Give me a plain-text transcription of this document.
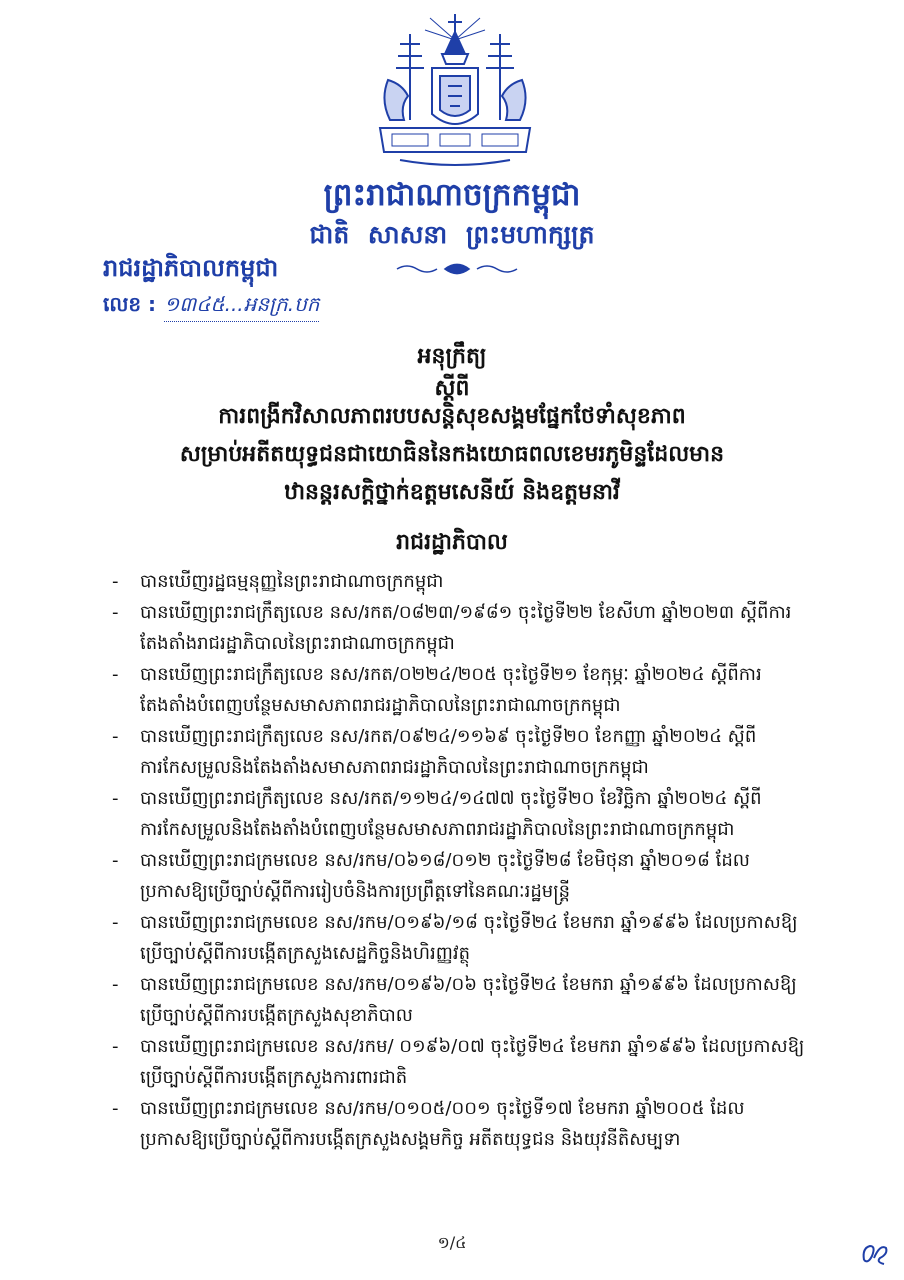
ព្រះរាជាណាចក្រកម្ពុជា
ជាតិ សាសនា ព្រះមហាក្សត្រ
រាជរដ្ឋាភិបាលកម្ពុជា
លេខ : ១៣៤៥...អនក្រ.បក
អនុក្រឹត្យ
ស្តីពី
ការពង្រីកវិសាលភាពរបបសន្តិសុខសង្គមផ្នែកថែទាំសុខភាព
សម្រាប់អតីតយុទ្ធជនជាយោធិននៃកងយោធពលខេមរភូមិន្ទដែលមាន
ឋានន្តរសក្តិថ្នាក់ឧត្តមសេនីយ៍ និងឧត្តមនាវី
រាជរដ្ឋាភិបាល
- បានឃើញរដ្ឋធម្មនុញ្ញនៃព្រះរាជាណាចក្រកម្ពុជា
- បានឃើញព្រះរាជក្រឹត្យលេខ នស/រកត/០៨២៣/១៩៨១ ចុះថ្ងៃទី២២ ខែសីហា ឆ្នាំ២០២៣ ស្តីពីការតែងតាំងរាជរដ្ឋាភិបាលនៃព្រះរាជាណាចក្រកម្ពុជា
- បានឃើញព្រះរាជក្រឹត្យលេខ នស/រកត/០២២៤/២០៥ ចុះថ្ងៃទី២១ ខែកុម្ភៈ ឆ្នាំ២០២៤ ស្តីពីការតែងតាំងបំពេញបន្ថែមសមាសភាពរាជរដ្ឋាភិបាលនៃព្រះរាជាណាចក្រកម្ពុជា
- បានឃើញព្រះរាជក្រឹត្យលេខ នស/រកត/០៩២៤/១១៦៩ ចុះថ្ងៃទី២០ ខែកញ្ញា ឆ្នាំ២០២៤ ស្តីពីការកែសម្រួលនិងតែងតាំងសមាសភាពរាជរដ្ឋាភិបាលនៃព្រះរាជាណាចក្រកម្ពុជា
- បានឃើញព្រះរាជក្រឹត្យលេខ នស/រកត/១១២៤/១៤៧៧ ចុះថ្ងៃទី២០ ខែវិច្ឆិកា ឆ្នាំ២០២៤ ស្តីពីការកែសម្រួលនិងតែងតាំងបំពេញបន្ថែមសមាសភាពរាជរដ្ឋាភិបាលនៃព្រះរាជាណាចក្រកម្ពុជា
- បានឃើញព្រះរាជក្រមលេខ នស/រកម/០៦១៨/០១២ ចុះថ្ងៃទី២៨ ខែមិថុនា ឆ្នាំ២០១៨ ដែលប្រកាសឱ្យប្រើច្បាប់ស្តីពីការរៀបចំនិងការប្រព្រឹត្តទៅនៃគណៈរដ្ឋមន្ត្រី
- បានឃើញព្រះរាជក្រមលេខ នស/រកម/០១៩៦/១៨ ចុះថ្ងៃទី២៤ ខែមករា ឆ្នាំ១៩៩៦ ដែលប្រកាសឱ្យប្រើច្បាប់ស្តីពីការបង្កើតក្រសួងសេដ្ឋកិច្ចនិងហិរញ្ញវត្ថុ
- បានឃើញព្រះរាជក្រមលេខ នស/រកម/០១៩៦/០៦ ចុះថ្ងៃទី២៤ ខែមករា ឆ្នាំ១៩៩៦ ដែលប្រកាសឱ្យប្រើច្បាប់ស្តីពីការបង្កើតក្រសួងសុខាភិបាល
- បានឃើញព្រះរាជក្រមលេខ នស/រកម/ ០១៩៦/០៧ ចុះថ្ងៃទី២៤ ខែមករា ឆ្នាំ១៩៩៦ ដែលប្រកាសឱ្យប្រើច្បាប់ស្តីពីការបង្កើតក្រសួងការពារជាតិ
- បានឃើញព្រះរាជក្រមលេខ នស/រកម/០១០៥/០០១ ចុះថ្ងៃទី១៧ ខែមករា ឆ្នាំ២០០៥ ដែលប្រកាសឱ្យប្រើច្បាប់ស្តីពីការបង្កើតក្រសួងសង្គមកិច្ច អតីតយុទ្ធជន និងយុវនីតិសម្បទា
១/៤
